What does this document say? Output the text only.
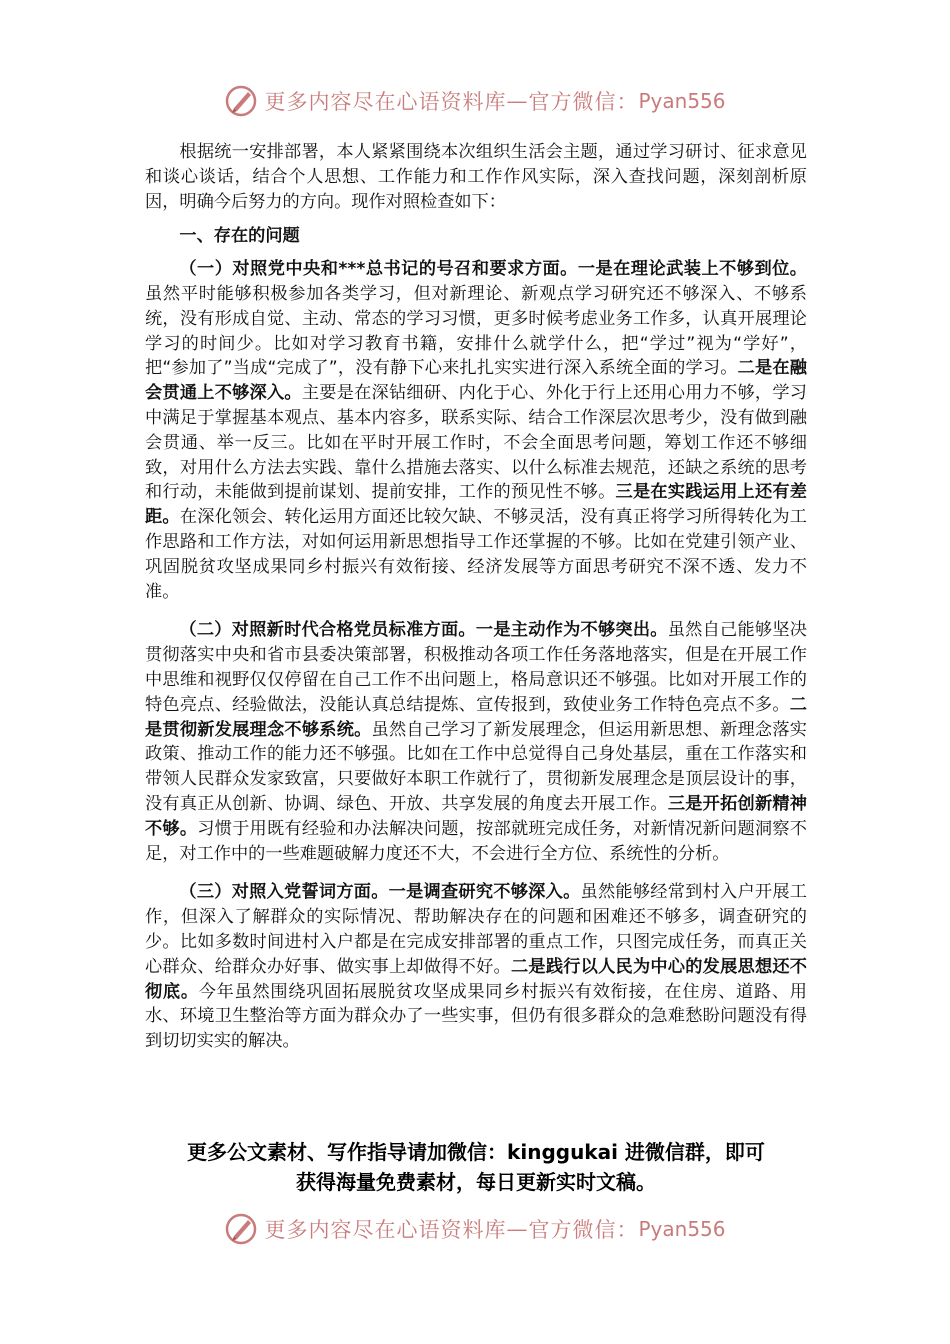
更多内容尽在心语资料库 — 官方微信： Pyan556

根据统一安排部署，本人紧紧围绕本次组织生活会主题，通过学习研讨、征求意见和谈心谈话，结合个人思想、工作能力和工作作风实际，深入查找问题，深刻剖析原因，明确今后努力的方向。现作对照检查如下：

一、存在的问题

（一）对照党中央和***总书记的号召和要求方面。一是在理论武装上不够到位。虽然平时能够积极参加各类学习，但对新理论、新观点学习研究还不够深入、不够系统，没有形成自觉、主动、常态的学习习惯，更多时候考虑业务工作多，认真开展理论学习的时间少。比如对学习教育书籍，安排什么就学什么，把“学过”视为“学好”，把“参加了”当成“完成了”，没有静下心来扎扎实实进行深入系统全面的学习。二是在融会贯通上不够深入。主要是在深钻细研、内化于心、外化于行上还用心用力不够，学习中满足于掌握基本观点、基本内容多，联系实际、结合工作深层次思考少，没有做到融会贯通、举一反三。比如在平时开展工作时，不会全面思考问题，筹划工作还不够细致，对用什么方法去实践、靠什么措施去落实、以什么标准去规范，还缺之系统的思考和行动，未能做到提前谋划、提前安排，工作的预见性不够。三是在实践运用上还有差距。在深化领会、转化运用方面还比较欠缺、不够灵活，没有真正将学习所得转化为工作思路和工作方法，对如何运用新思想指导工作还掌握的不够。比如在党建引领产业、巩固脱贫攻坚成果同乡村振兴有效衔接、经济发展等方面思考研究不深不透、发力不准。

（二）对照新时代合格党员标准方面。一是主动作为不够突出。虽然自己能够坚决贯彻落实中央和省市县委决策部署，积极推动各项工作任务落地落实，但是在开展工作中思维和视野仅仅停留在自己工作不出问题上，格局意识还不够强。比如对开展工作的特色亮点、经验做法，没能认真总结提炼、宣传报到，致使业务工作特色亮点不多。二是贯彻新发展理念不够系统。虽然自己学习了新发展理念，但运用新思想、新理念落实政策、推动工作的能力还不够强。比如在工作中总觉得自己身处基层，重在工作落实和带领人民群众发家致富，只要做好本职工作就行了，贯彻新发展理念是顶层设计的事，没有真正从创新、协调、绿色、开放、共享发展的角度去开展工作。三是开拓创新精神不够。习惯于用既有经验和办法解决问题，按部就班完成任务，对新情况新问题洞察不足，对工作中的一些难题破解力度还不大，不会进行全方位、系统性的分析。

（三）对照入党誓词方面。一是调查研究不够深入。虽然能够经常到村入户开展工作，但深入了解群众的实际情况、帮助解决存在的问题和困难还不够多，调查研究的少。比如多数时间进村入户都是在完成安排部署的重点工作，只图完成任务，而真正关心群众、给群众办好事、做实事上却做得不好。二是践行以人民为中心的发展思想还不彻底。今年虽然围绕巩固拓展脱贫攻坚成果同乡村振兴有效衔接，在住房、道路、用水、环境卫生整治等方面为群众办了一些实事，但仍有很多群众的急难愁盼问题没有得到切切实实的解决。

更多公文素材、写作指导请加微信：kinggukai 进微信群，即可
获得海量免费素材，每日更新实时文稿。
更多内容尽在心语资料库 — 官方微信： Pyan556
